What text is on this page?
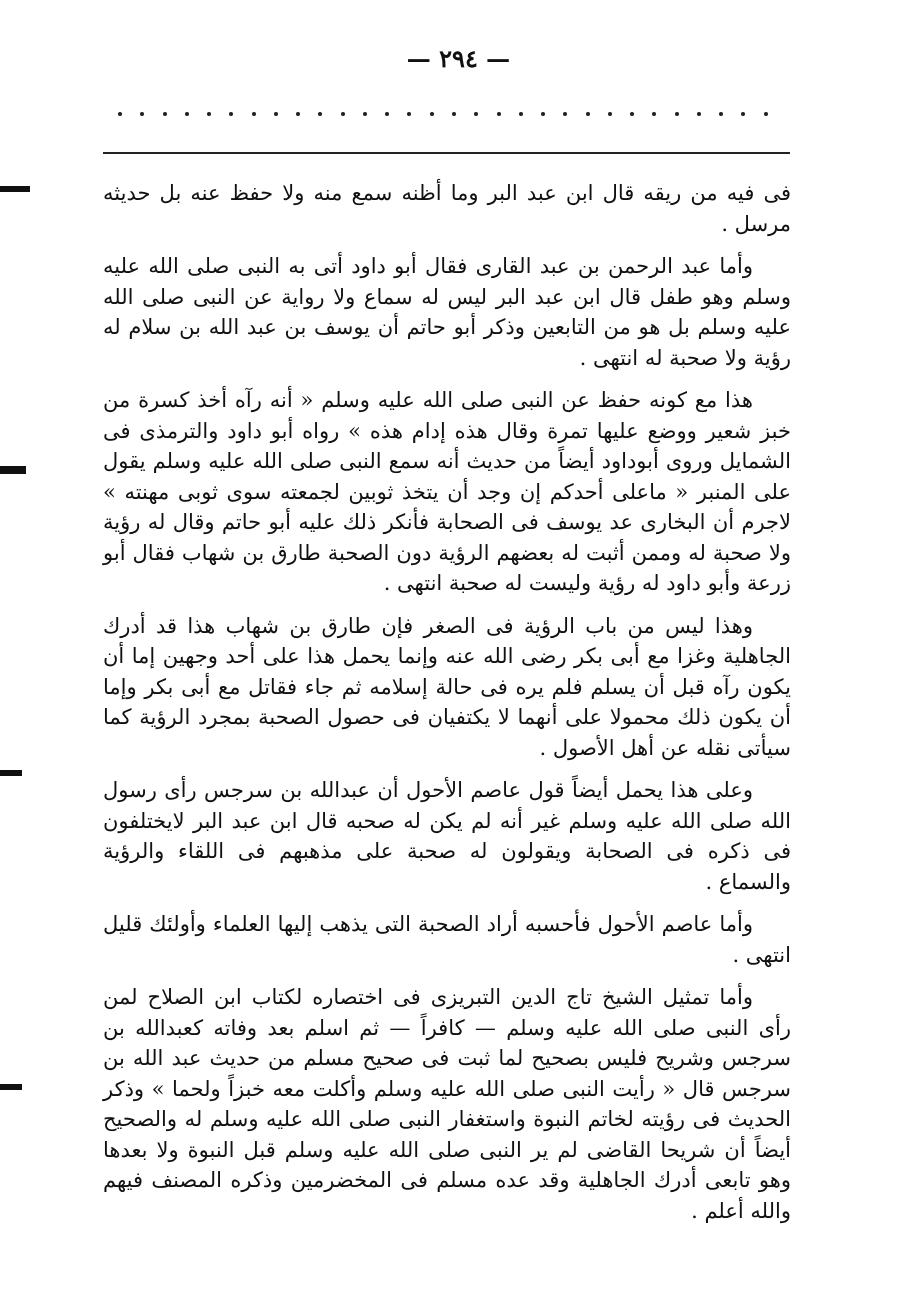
— ٢٩٤ —

فى فيه من ريقه قال ابن عبد البر وما أظنه سمع منه ولا حفظ عنه بل حديثه مرسل .

وأما عبد الرحمن بن عبد القارى فقال أبو داود أتى به النبى صلى الله عليه وسلم وهو طفل قال ابن عبد البر ليس له سماع ولا رواية عن النبى صلى الله عليه وسلم بل هو من التابعين وذكر أبو حاتم أن يوسف بن عبد الله بن سلام له رؤية ولا صحبة له انتهى .

هذا مع كونه حفظ عن النبى صلى الله عليه وسلم « أنه رآه أخذ كسرة من خبز شعير ووضع عليها تمرة وقال هذه إدام هذه » رواه أبو داود والترمذى فى الشمايل وروى أبوداود أيضاً من حديث أنه سمع النبى صلى الله عليه وسلم يقول على المنبر « ماعلى أحدكم إن وجد أن يتخذ ثوبين لجمعته سوى ثوبى مهنته » لاجرم أن البخارى عد يوسف فى الصحابة فأنكر ذلك عليه أبو حاتم وقال له رؤية ولا صحبة له وممن أثبت له بعضهم الرؤية دون الصحبة طارق بن شهاب فقال أبو زرعة وأبو داود له رؤية وليست له صحبة انتهى .

وهذا ليس من باب الرؤية فى الصغر فإن طارق بن شهاب هذا قد أدرك الجاهلية وغزا مع أبى بكر رضى الله عنه وإنما يحمل هذا على أحد وجهين إما أن يكون رآه قبل أن يسلم فلم يره فى حالة إسلامه ثم جاء فقاتل مع أبى بكر وإما أن يكون ذلك محمولا على أنهما لا يكتفيان فى حصول الصحبة بمجرد الرؤية كما سيأتى نقله عن أهل الأصول .

وعلى هذا يحمل أيضاً قول عاصم الأحول أن عبدالله بن سرجس رأى رسول الله صلى الله عليه وسلم غير أنه لم يكن له صحبه قال ابن عبد البر لايختلفون فى ذكره فى الصحابة ويقولون له صحبة على مذهبهم فى اللقاء والرؤية والسماع .

وأما عاصم الأحول فأحسبه أراد الصحبة التى يذهب إليها العلماء وأولئك قليل انتهى .

وأما تمثيل الشيخ تاج الدين التبريزى فى اختصاره لكتاب ابن الصلاح لمن رأى النبى صلى الله عليه وسلم — كافراً — ثم اسلم بعد وفاته كعبدالله بن سرجس وشريح فليس بصحيح لما ثبت فى صحيح مسلم من حديث عبد الله بن سرجس قال « رأيت النبى صلى الله عليه وسلم وأكلت معه خبزاً ولحما » وذكر الحديث فى رؤيته لخاتم النبوة واستغفار النبى صلى الله عليه وسلم له والصحيح أيضاً أن شريحا القاضى لم ير النبى صلى الله عليه وسلم قبل النبوة ولا بعدها وهو تابعى أدرك الجاهلية وقد عده مسلم فى المخضرمين وذكره المصنف فيهم والله أعلم .
